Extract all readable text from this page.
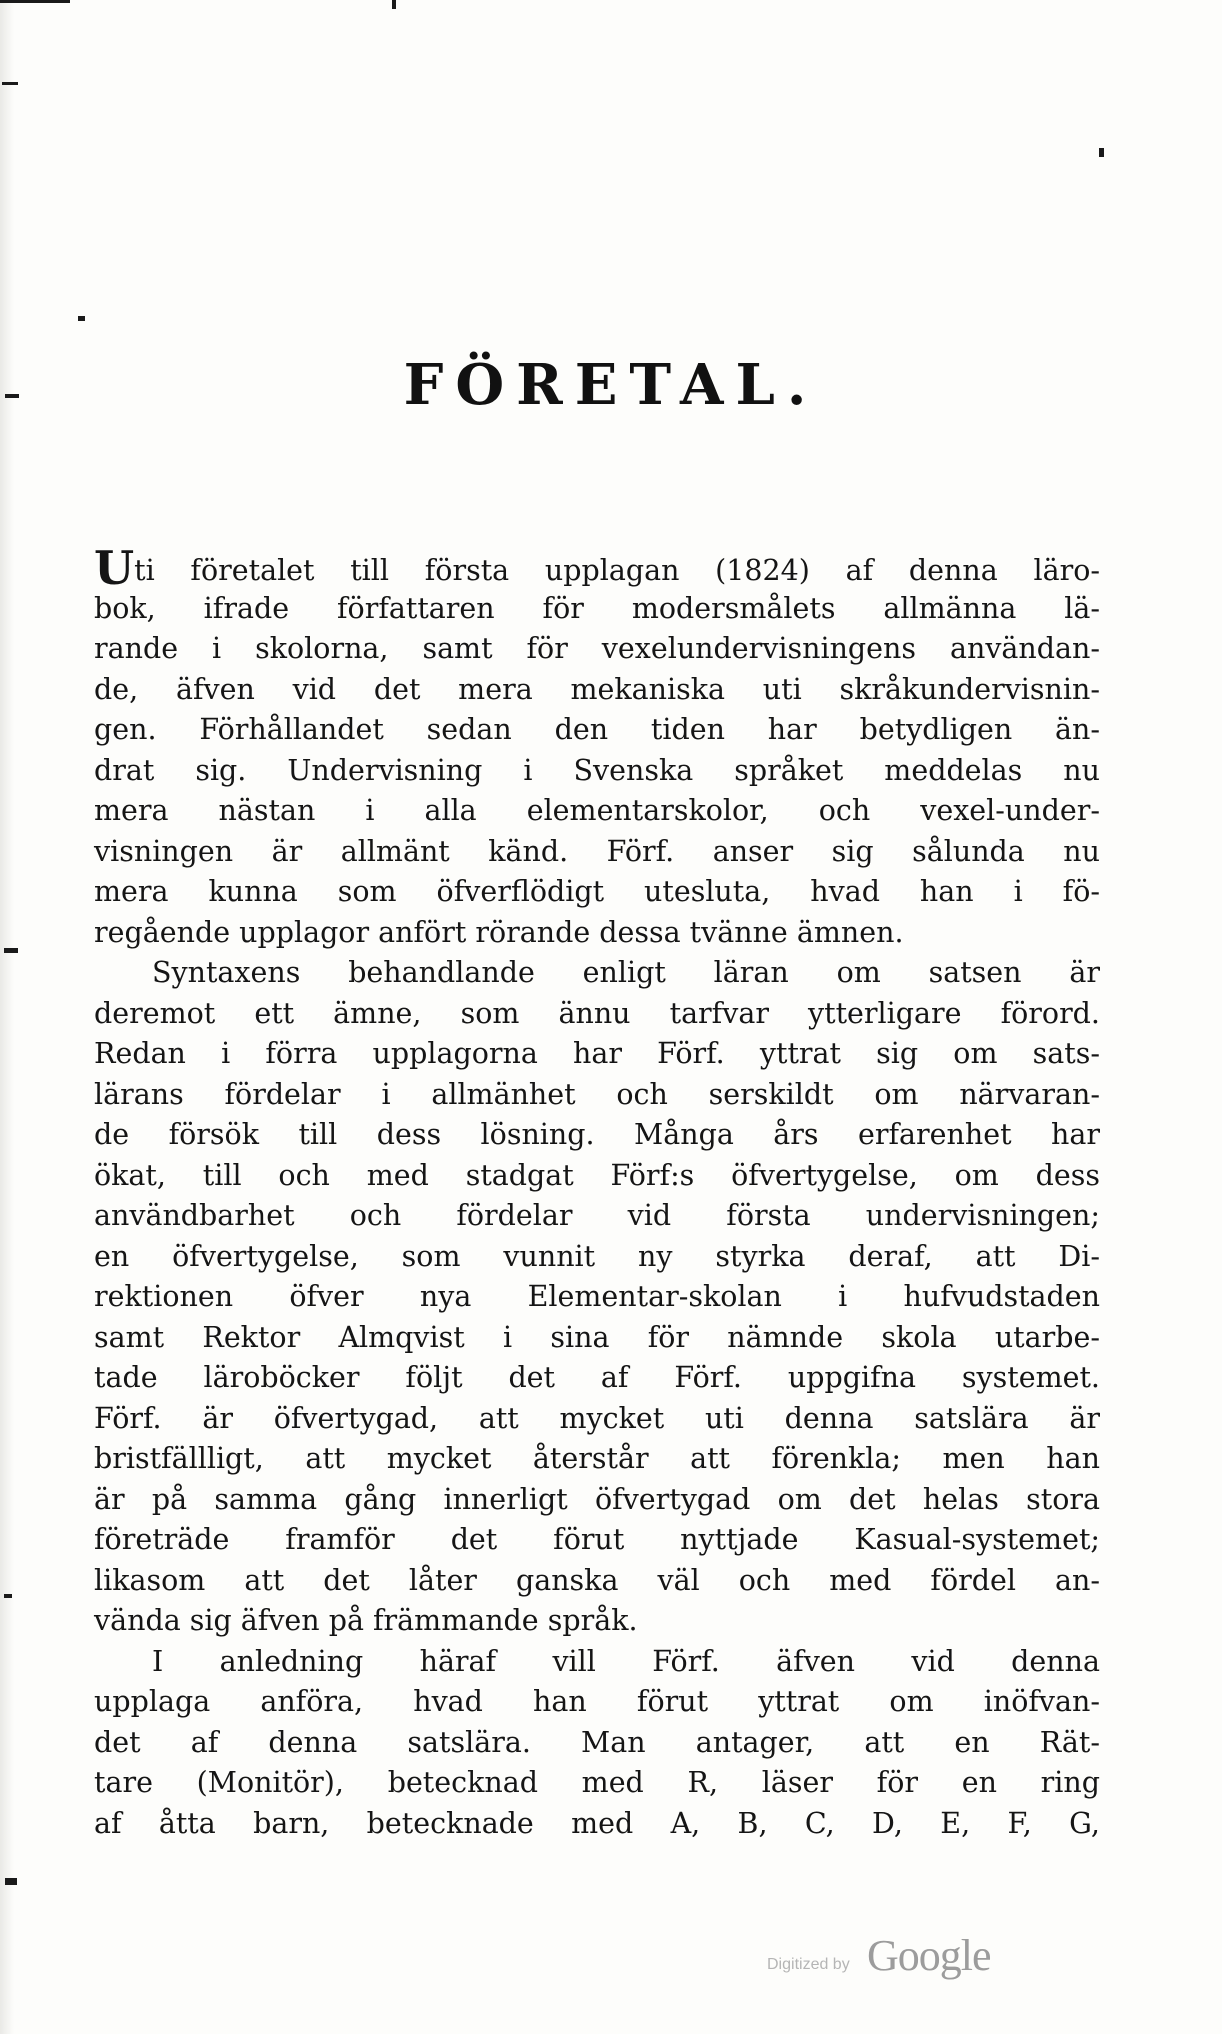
FÖRETAL.
Uti företalet till första upplagan (1824) af denna läro-
bok, ifrade författaren för modersmålets allmänna lä-
rande i skolorna, samt för vexelundervisningens användan-
de, äfven vid det mera mekaniska uti skråkundervisnin-
gen. Förhållandet sedan den tiden har betydligen än-
drat sig. Undervisning i Svenska språket meddelas nu
mera nästan i alla elementarskolor, och vexel-under-
visningen är allmänt känd. Förf. anser sig sålunda nu
mera kunna som öfverflödigt utesluta, hvad han i fö-
regående upplagor anfört rörande dessa tvänne ämnen.
Syntaxens behandlande enligt läran om satsen är
deremot ett ämne, som ännu tarfvar ytterligare förord.
Redan i förra upplagorna har Förf. yttrat sig om sats-
lärans fördelar i allmänhet och serskildt om närvaran-
de försök till dess lösning. Många års erfarenhet har
ökat, till och med stadgat Förf:s öfvertygelse, om dess
användbarhet och fördelar vid första undervisningen;
en öfvertygelse, som vunnit ny styrka deraf, att Di-
rektionen öfver nya Elementar-skolan i hufvudstaden
samt Rektor Almqvist i sina för nämnde skola utarbe-
tade läroböcker följt det af Förf. uppgifna systemet.
Förf. är öfvertygad, att mycket uti denna satslära är
bristfällligt, att mycket återstår att förenkla; men han
är på samma gång innerligt öfvertygad om det helas stora
företräde framför det förut nyttjade Kasual-systemet;
likasom att det låter ganska väl och med fördel an-
vända sig äfven på främmande språk.
I anledning häraf vill Förf. äfven vid denna
upplaga anföra, hvad han förut yttrat om inöfvan-
det af denna satslära. Man antager, att en Rät-
tare (Monitör), betecknad med R, läser för en ring
af åtta barn, betecknade med A, B, C, D, E, F, G,
Digitized by Google
